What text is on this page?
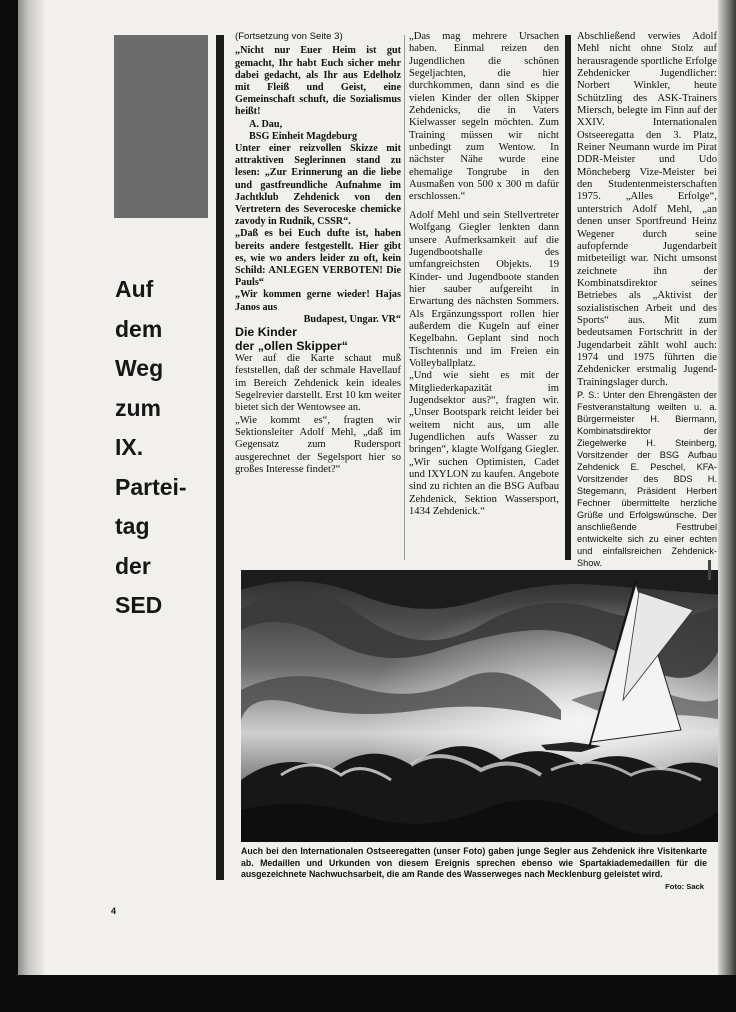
Auf
dem
Weg
zum
IX.
Partei-
tag
der
SED

(Fortsetzung von Seite 3)

„Nicht nur Euer Heim ist gut gemacht, Ihr habt Euch sicher mehr dabei gedacht, als Ihr aus Edelholz mit Fleiß und Geist, eine Gemeinschaft schuft, die Sozialismus heißt!

A. Dau,

BSG Einheit Magdeburg

Unter einer reizvollen Skizze mit attraktiven Seglerinnen stand zu lesen: „Zur Erinnerung an die liebe und gastfreundliche Aufnahme im Jachtklub Zehdenick von den Vertretern des Severoceske chemicke zavody in Rudnik, CSSR“.

„Daß es bei Euch dufte ist, haben bereits andere festgestellt. Hier gibt es, wie wo anders leider zu oft, kein Schild: ANLEGEN VERBOTEN! Die Pauls“

„Wir kommen gerne wieder! Hajas Janos aus

Budapest, Ungar. VR“

Die Kinder
der „ollen Skipper“

Wer auf die Karte schaut muß feststellen, daß der schmale Havellauf im Bereich Zehdenick kein ideales Segelrevier darstellt. Erst 10 km weiter bietet sich der Wentowsee an.

„Wie kommt es“, fragten wir Sektionsleiter Adolf Mehl, „daß im Gegensatz zum Rudersport ausgerechnet der Segelsport hier so großes Interesse findet?“

„Das mag mehrere Ursachen haben. Einmal reizen den Jugendlichen die schönen Segeljachten, die hier durchkommen, dann sind es die vielen Kinder der ollen Skipper Zehdenicks, die in Vaters Kielwasser segeln möchten. Zum Training müssen wir nicht unbedingt zum Wentow. In nächster Nähe wurde eine ehemalige Tongrube in den Ausmaßen von 500 x 300 m dafür erschlossen.“

Adolf Mehl und sein Stellvertreter Wolfgang Giegler lenkten dann unsere Aufmerksamkeit auf die Jugendbootshalle des umfangreichsten Objekts. 19 Kinder- und Jugendboote standen hier sauber aufgereiht in Erwartung des nächsten Sommers. Als Ergänzungssport rollen hier außerdem die Kugeln auf einer Kegelbahn. Geplant sind noch Tischtennis und im Freien ein Volleyballplatz.

„Und wie sieht es mit der Mitgliederkapazität im Jugendsektor aus?“, fragten wir. „Unser Bootspark reicht leider bei weitem nicht aus, um alle Jugendlichen aufs Wasser zu bringen“, klagte Wolfgang Giegler. „Wir suchen Optimisten, Cadet und IXYLON zu kaufen. Angebote sind zu richten an die BSG Aufbau Zehdenick, Sektion Wassersport, 1434 Zehdenick.“

Abschließend verwies Adolf Mehl nicht ohne Stolz auf herausragende sportliche Erfolge Zehdenicker Jugendlicher: Norbert Winkler, heute Schützling des ASK-Trainers Miersch, belegte im Finn auf der XXIV. Internationalen Ostseeregatta den 3. Platz, Reiner Neumann wurde im Pirat DDR-Meister und Udo Möncheberg Vize-Meister bei den Studentenmeisterschaften 1975. „Alles Erfolge“, unterstrich Adolf Mehl, „an denen unser Sportfreund Heinz Wegener durch seine aufopfernde Jugendarbeit mitbeteiligt war. Nicht umsonst zeichnete ihn der Kombinatsdirektor seines Betriebes als „Aktivist der sozialistischen Arbeit und des Sports“ aus. Mit zum bedeutsamen Fortschritt in der Jugendarbeit zählt wohl auch: 1974 und 1975 führten die Zehdenicker erstmalig Jugend-Trainingslager durch.

P. S.: Unter den Ehrengästen der Festveranstaltung weilten u. a. Bürgermeister H. Biermann, Kombinatsdirektor der Ziegelwerke H. Steinberg, Vorsitzender der BSG Aufbau Zehdenick E. Peschel, KFA-Vorsitzender des BDS H. Stegemann, Präsident Herbert Fechner übermittelte herzliche Grüße und Erfolgswünsche. Der anschließende Festtrubel entwickelte sich zu einer echten und einfallsreichen Zehdenick-Show.

Auch bei den Internationalen Ostseeregatten (unser Foto) gaben junge Segler aus Zehdenick ihre Visitenkarte ab. Medaillen und Urkunden von diesem Ereignis sprechen ebenso wie Spartakiademedaillen für die ausgezeichnete Nachwuchsarbeit, die am Rande des Wasserweges nach Mecklenburg geleistet wird.

Foto: Sack
4
